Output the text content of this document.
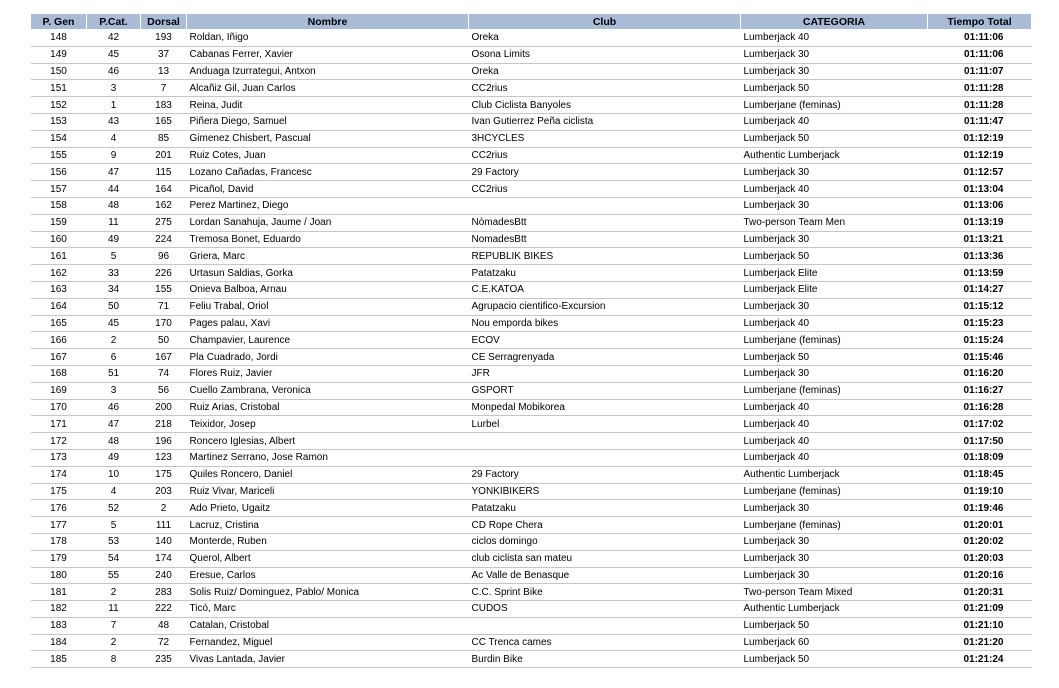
P. Gen	P.Cat.	Dorsal	Nombre	Club	CATEGORIA	Tiempo Total
148	42	193	Roldan, Iñigo	Oreka	Lumberjack 40	01:11:06
149	45	37	Cabanas Ferrer, Xavier	Osona Limits	Lumberjack 30	01:11:06
150	46	13	Anduaga Izurrategui, Antxon	Oreka	Lumberjack 30	01:11:07
151	3	7	Alcañiz Gil, Juan Carlos	CC2rius	Lumberjack 50	01:11:28
152	1	183	Reina, Judit	Club Ciclista Banyoles	Lumberjane (feminas)	01:11:28
153	43	165	Piñera Diego, Samuel	Ivan Gutierrez Peña ciclista	Lumberjack 40	01:11:47
154	4	85	Gimenez Chisbert, Pascual	3HCYCLES	Lumberjack 50	01:12:19
155	9	201	Ruiz Cotes, Juan	CC2rius	Authentic Lumberjack	01:12:19
156	47	115	Lozano Cañadas, Francesc	29 Factory	Lumberjack 30	01:12:57
157	44	164	Picañol, David	CC2rius	Lumberjack 40	01:13:04
158	48	162	Perez Martinez, Diego		Lumberjack 30	01:13:06
159	11	275	Lordan Sanahuja, Jaume / Joan	NòmadesBtt	Two-person Team Men	01:13:19
160	49	224	Tremosa Bonet, Eduardo	NomadesBtt	Lumberjack 30	01:13:21
161	5	96	Griera, Marc	REPUBLIK BIKES	Lumberjack 50	01:13:36
162	33	226	Urtasun Saldias, Gorka	Patatzaku	Lumberjack Elite	01:13:59
163	34	155	Onieva Balboa, Arnau	C.E.KATOA	Lumberjack Elite	01:14:27
164	50	71	Feliu Trabal, Oriol	Agrupacio cientifico-Excursion	Lumberjack 30	01:15:12
165	45	170	Pages palau, Xavi	Nou emporda bikes	Lumberjack 40	01:15:23
166	2	50	Champavier, Laurence	ECOV	Lumberjane (feminas)	01:15:24
167	6	167	Pla Cuadrado, Jordi	CE Serragrenyada	Lumberjack 50	01:15:46
168	51	74	Flores Ruiz, Javier	JFR	Lumberjack 30	01:16:20
169	3	56	Cuello Zambrana, Veronica	GSPORT	Lumberjane (feminas)	01:16:27
170	46	200	Ruiz Arias, Cristobal	Monpedal Mobikorea	Lumberjack 40	01:16:28
171	47	218	Teixidor, Josep	Lurbel	Lumberjack 40	01:17:02
172	48	196	Roncero Iglesias, Albert		Lumberjack 40	01:17:50
173	49	123	Martinez Serrano, Jose Ramon		Lumberjack 40	01:18:09
174	10	175	Quiles Roncero, Daniel	29 Factory	Authentic Lumberjack	01:18:45
175	4	203	Ruiz Vivar, Mariceli	YONKIBIKERS	Lumberjane (feminas)	01:19:10
176	52	2	Ado Prieto, Ugaitz	Patatzaku	Lumberjack 30	01:19:46
177	5	111	Lacruz, Cristina	CD Rope Chera	Lumberjane (feminas)	01:20:01
178	53	140	Monterde, Ruben	ciclos domingo	Lumberjack 30	01:20:02
179	54	174	Querol, Albert	club ciclista san mateu	Lumberjack 30	01:20:03
180	55	240	Eresue, Carlos	Ac Valle de Benasque	Lumberjack 30	01:20:16
181	2	283	Solis Ruiz/ Dominguez, Pablo/ Monica	C.C. Sprint Bike	Two-person Team Mixed	01:20:31
182	11	222	Ticó, Marc	CUDOS	Authentic Lumberjack	01:21:09
183	7	48	Catalan, Cristobal		Lumberjack 50	01:21:10
184	2	72	Fernandez, Miguel	CC Trenca cames	Lumberjack 60	01:21:20
185	8	235	Vivas Lantada, Javier	Burdin Bike	Lumberjack 50	01:21:24
